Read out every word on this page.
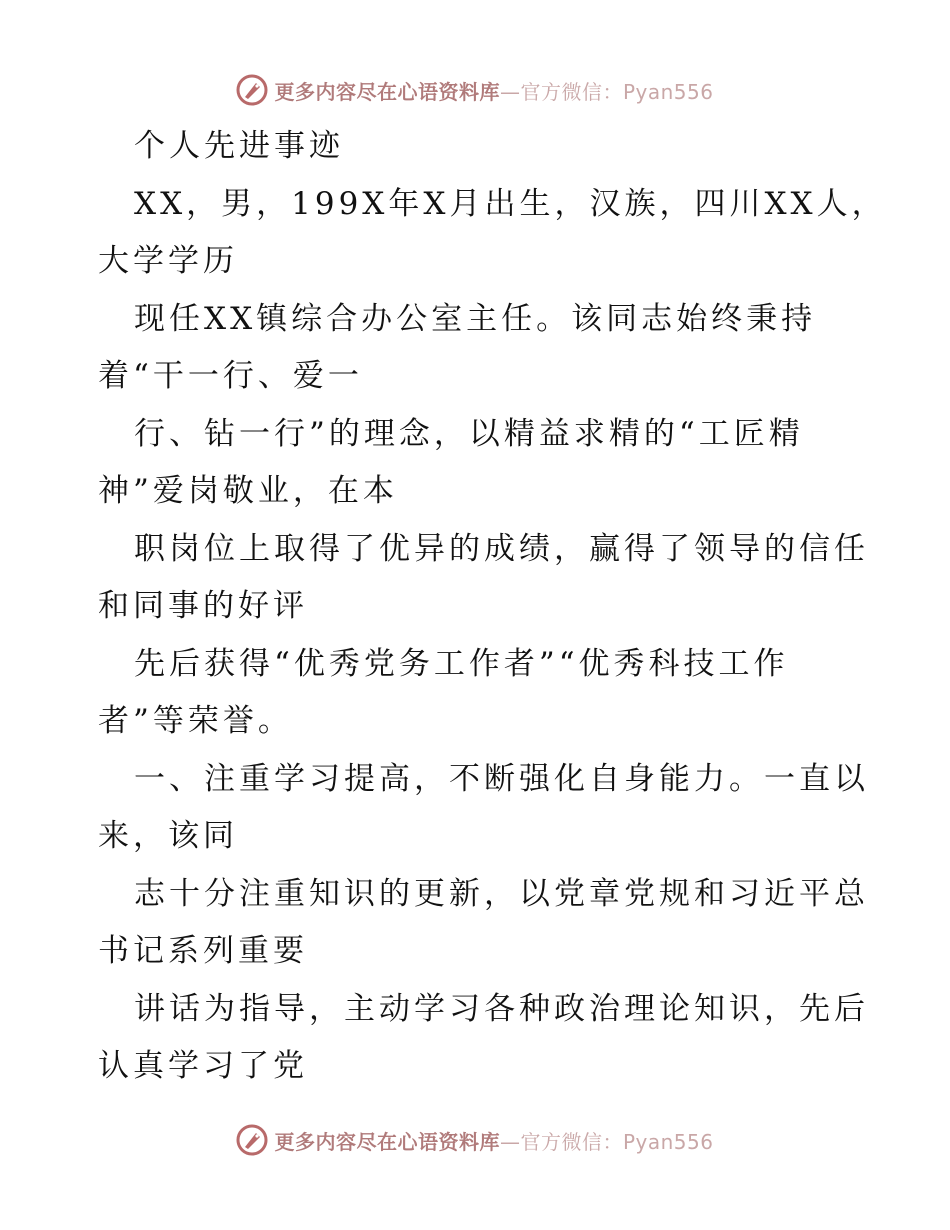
更多内容尽在心语资料库—官方微信：Pyan556
个人先进事迹
XX，男，199X年X月出生，汉族，四川XX人，
大学学历
现任XX镇综合办公室主任。该同志始终秉持
着“干一行、爱一
行、钻一行”的理念，以精益求精的“工匠精
神”爱岗敬业，在本
职岗位上取得了优异的成绩，赢得了领导的信任
和同事的好评
先后获得“优秀党务工作者”“优秀科技工作
者”等荣誉。
一、注重学习提高，不断强化自身能力。一直以
来，该同
志十分注重知识的更新，以党章党规和习近平总
书记系列重要
讲话为指导，主动学习各种政治理论知识，先后
认真学习了党
更多内容尽在心语资料库—官方微信：Pyan556
